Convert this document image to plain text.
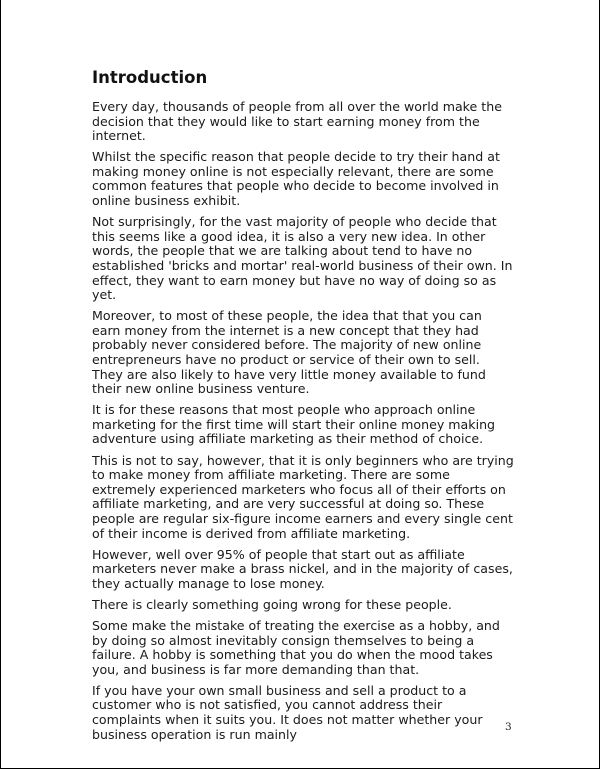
Introduction

Every day, thousands of people from all over the world make the decision that they would like to start earning money from the internet.

Whilst the specific reason that people decide to try their hand at making money online is not especially relevant, there are some common features that people who decide to become involved in online business exhibit.

Not surprisingly, for the vast majority of people who decide that this seems like a good idea, it is also a very new idea. In other words, the people that we are talking about tend to have no established 'bricks and mortar' real-world business of their own. In effect, they want to earn money but have no way of doing so as yet.

Moreover, to most of these people, the idea that that you can earn money from the internet is a new concept that they had probably never considered before. The majority of new online entrepreneurs have no product or service of their own to sell. They are also likely to have very little money available to fund their new online business venture.

It is for these reasons that most people who approach online marketing for the first time will start their online money making adventure using affiliate marketing as their method of choice.

This is not to say, however, that it is only beginners who are trying to make money from affiliate marketing. There are some extremely experienced marketers who focus all of their efforts on affiliate marketing, and are very successful at doing so. These people are regular six-figure income earners and every single cent of their income is derived from affiliate marketing.

However, well over 95% of people that start out as affiliate marketers never make a brass nickel, and in the majority of cases, they actually manage to lose money.

There is clearly something going wrong for these people.

Some make the mistake of treating the exercise as a hobby, and by doing so almost inevitably consign themselves to being a failure. A hobby is something that you do when the mood takes you, and business is far more demanding than that.

If you have your own small business and sell a product to a customer who is not satisfied, you cannot address their complaints when it suits you. It does not matter whether your business operation is run mainly	3
